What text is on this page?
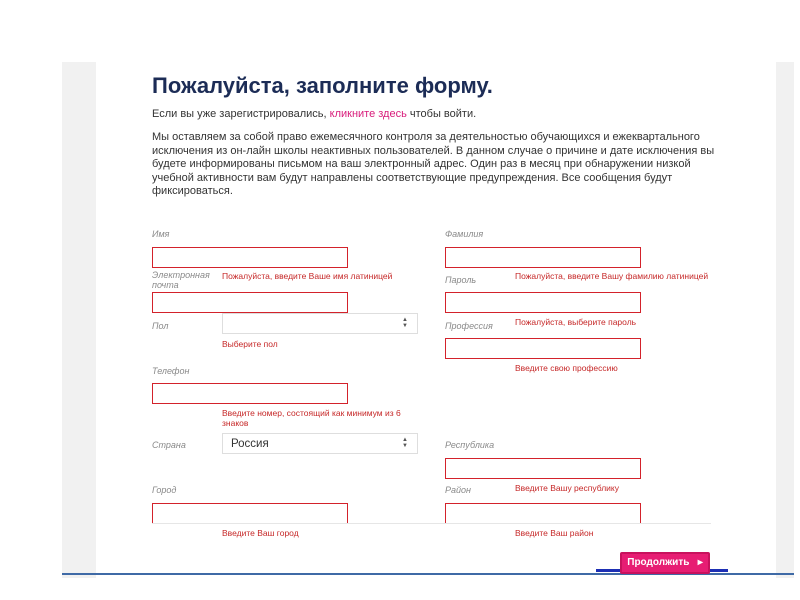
Пожалуйста, заполните форму.
Если вы уже зарегистрировались, кликните здесь чтобы войти.
Мы оставляем за собой право ежемесячного контроля за деятельностью обучающихся и ежеквартального исключения из он-лайн школы неактивных пользователей. В данном случае о причине и дате исключения вы будете информированы письмом на ваш электронный адрес. Один раз в месяц при обнаружении низкой учебной активности вам будут направлены соответствующие предупреждения. Все сообщения будут фиксироваться.
Имя
Пожалуйста, введите Ваше имя латиницей
Электронная почта
Пол
▲
▼
Выберите пол
Телефон
Введите номер, состоящий как минимум из 6 знаков
Страна	Россия	▲
▼
Город
Введите Ваш город
Фамилия
Пожалуйста, введите Вашу фамилию латиницей
Пароль
Пожалуйста, выберите пароль
Профессия
Введите свою профессию
Республика
Введите Вашу республику
Район
Введите Ваш район
Продолжить ▸
